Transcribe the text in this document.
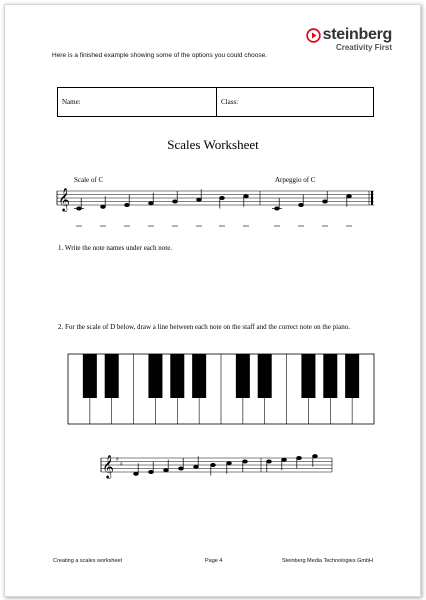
steinberg
Creativity First
Here is a finished example showing some of the options you could choose.
Name:	Class:
Scales Worksheet
Scale of C	Arpeggio of C
𝄞
1. Write the note names under each note.
2. For the scale of D below, draw a line between each note on the staff and the correct note on the piano.
𝄞 ♯
♯
Creating a scales worksheet	Page 4	Steinberg Media Technologies GmbH
